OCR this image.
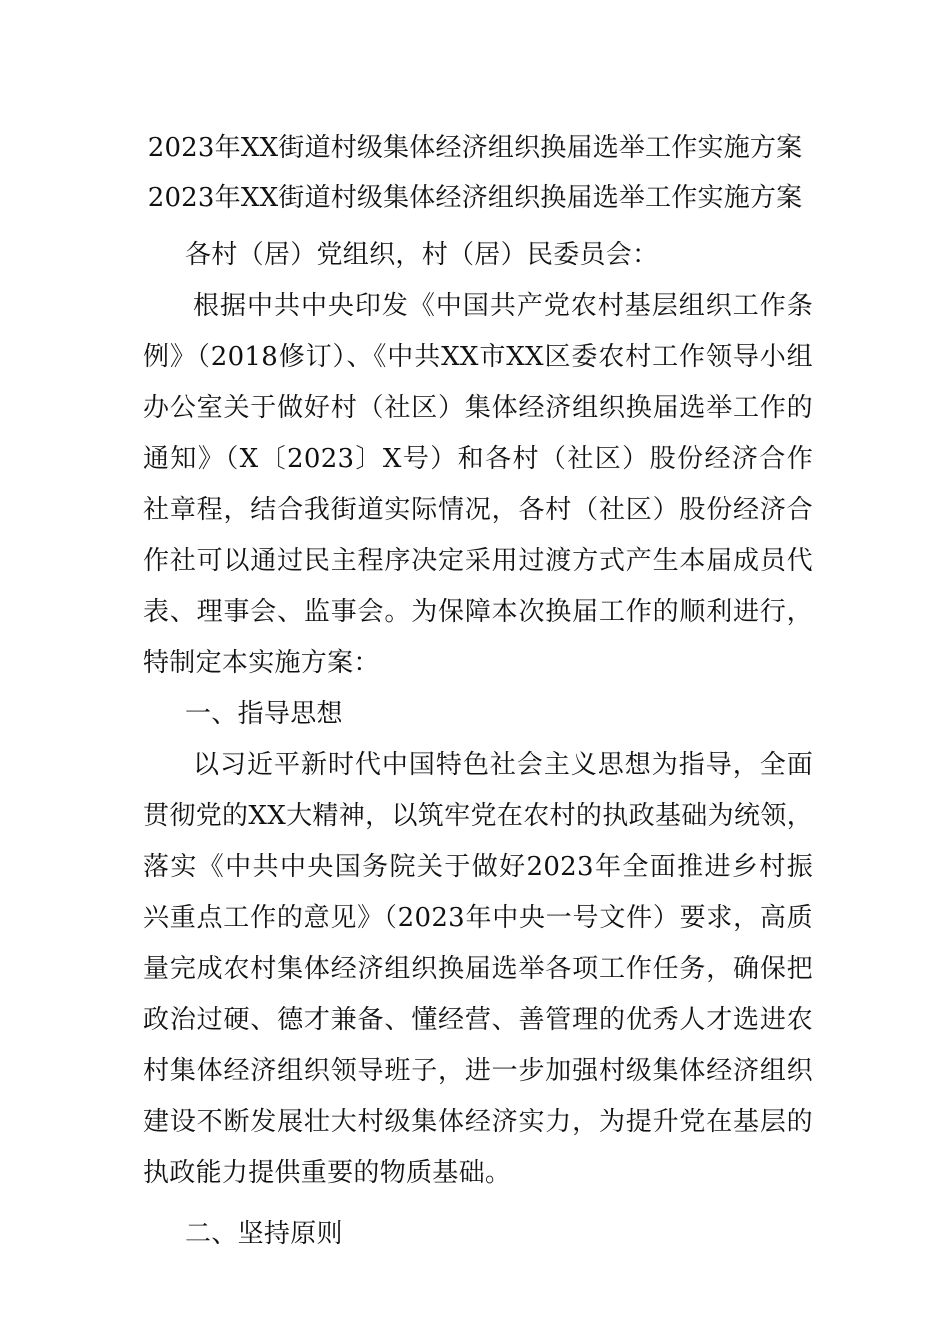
2023年XX街道村级集体经济组织换届选举工作实施方案
2023年XX街道村级集体经济组织换届选举工作实施方案

各村（居）党组织，村（居）民委员会：

根据中共中央印发《中国共产党农村基层组织工作条例》（2018修订）、《中共XX市XX区委农村工作领导小组办公室关于做好村（社区）集体经济组织换届选举工作的通知》（X〔2023〕X号）和各村（社区）股份经济合作社章程，结合我街道实际情况，各村（社区）股份经济合作社可以通过民主程序决定采用过渡方式产生本届成员代表、理事会、监事会。为保障本次换届工作的顺利进行，特制定本实施方案：

一、指导思想

以习近平新时代中国特色社会主义思想为指导，全面贯彻党的XX大精神，以筑牢党在农村的执政基础为统领，落实《中共中央国务院关于做好2023年全面推进乡村振兴重点工作的意见》（2023年中央一号文件）要求，高质量完成农村集体经济组织换届选举各项工作任务，确保把政治过硬、德才兼备、懂经营、善管理的优秀人才选进农村集体经济组织领导班子，进一步加强村级集体经济组织建设不断发展壮大村级集体经济实力，为提升党在基层的执政能力提供重要的物质基础。

二、坚持原则
